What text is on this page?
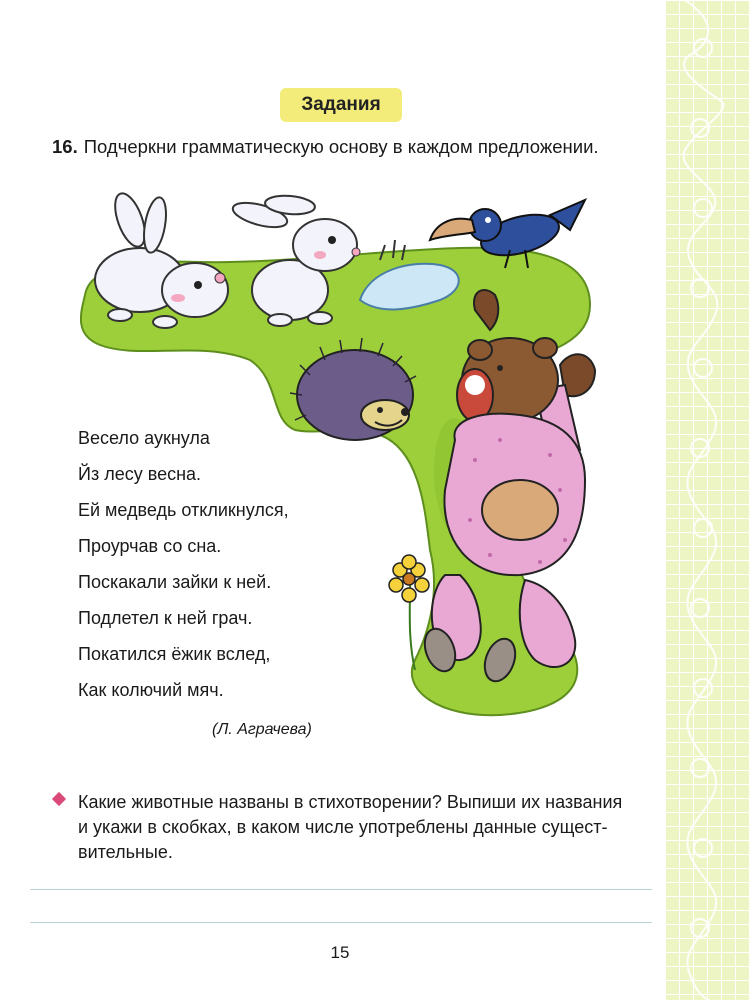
Задания
16. Подчеркни грамматическую основу в каждом предложении.
Весело аукнула
Йз лесу весна.
Ей медведь откликнулся,
Проурчав со сна.
Поскакали зайки к ней.
Подлетел к ней грач.
Покатился ёжик вслед,
Как колючий мяч.
(Л. Аграчева)
Какие животные названы в стихотворении? Выпиши их названия
и укажи в скобках, в каком числе употреблены данные сущест-
вительные.
15
